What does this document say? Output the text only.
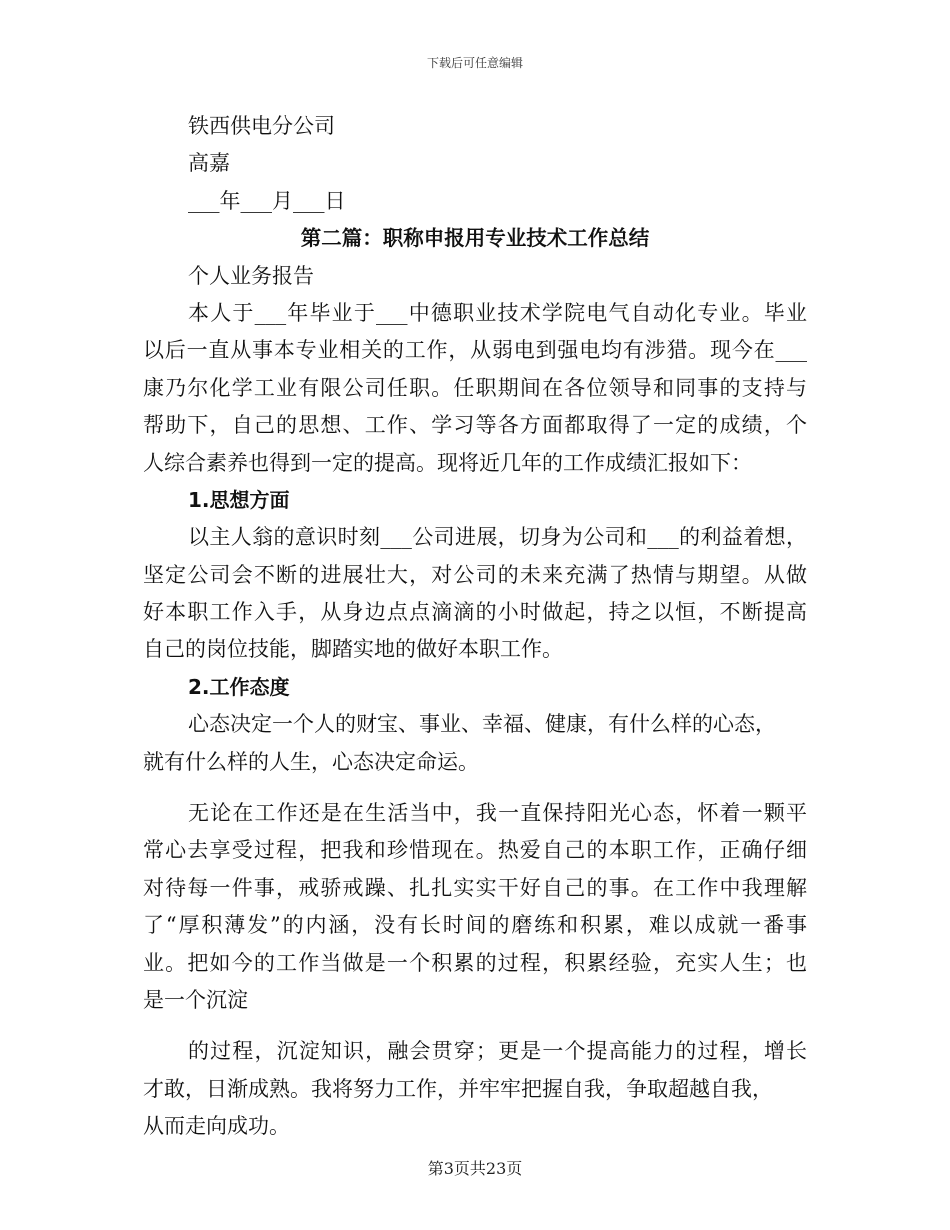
下载后可任意编辑
铁西供电分公司
高嘉
___年___月___日
第二篇：职称申报用专业技术工作总结
个人业务报告
本人于___年毕业于___中德职业技术学院电气自动化专业。毕业
以后一直从事本专业相关的工作，从弱电到强电均有涉猎。现今在___
康乃尔化学工业有限公司任职。任职期间在各位领导和同事的支持与
帮助下，自己的思想、工作、学习等各方面都取得了一定的成绩，个
人综合素养也得到一定的提高。现将近几年的工作成绩汇报如下：
1.思想方面
以主人翁的意识时刻___公司进展，切身为公司和___的利益着想，
坚定公司会不断的进展壮大，对公司的未来充满了热情与期望。从做
好本职工作入手，从身边点点滴滴的小时做起，持之以恒，不断提高
自己的岗位技能，脚踏实地的做好本职工作。
2.工作态度
心态决定一个人的财宝、事业、幸福、健康，有什么样的心态，
就有什么样的人生，心态决定命运。
无论在工作还是在生活当中，我一直保持阳光心态，怀着一颗平
常心去享受过程，把我和珍惜现在。热爱自己的本职工作，正确仔细
对待每一件事，戒骄戒躁、扎扎实实干好自己的事。在工作中我理解
了“厚积薄发”的内涵，没有长时间的磨练和积累，难以成就一番事
业。把如今的工作当做是一个积累的过程，积累经验，充实人生；也
是一个沉淀
的过程，沉淀知识，融会贯穿；更是一个提高能力的过程，增长
才敢，日渐成熟。我将努力工作，并牢牢把握自我，争取超越自我，
从而走向成功。
第3页共23页
